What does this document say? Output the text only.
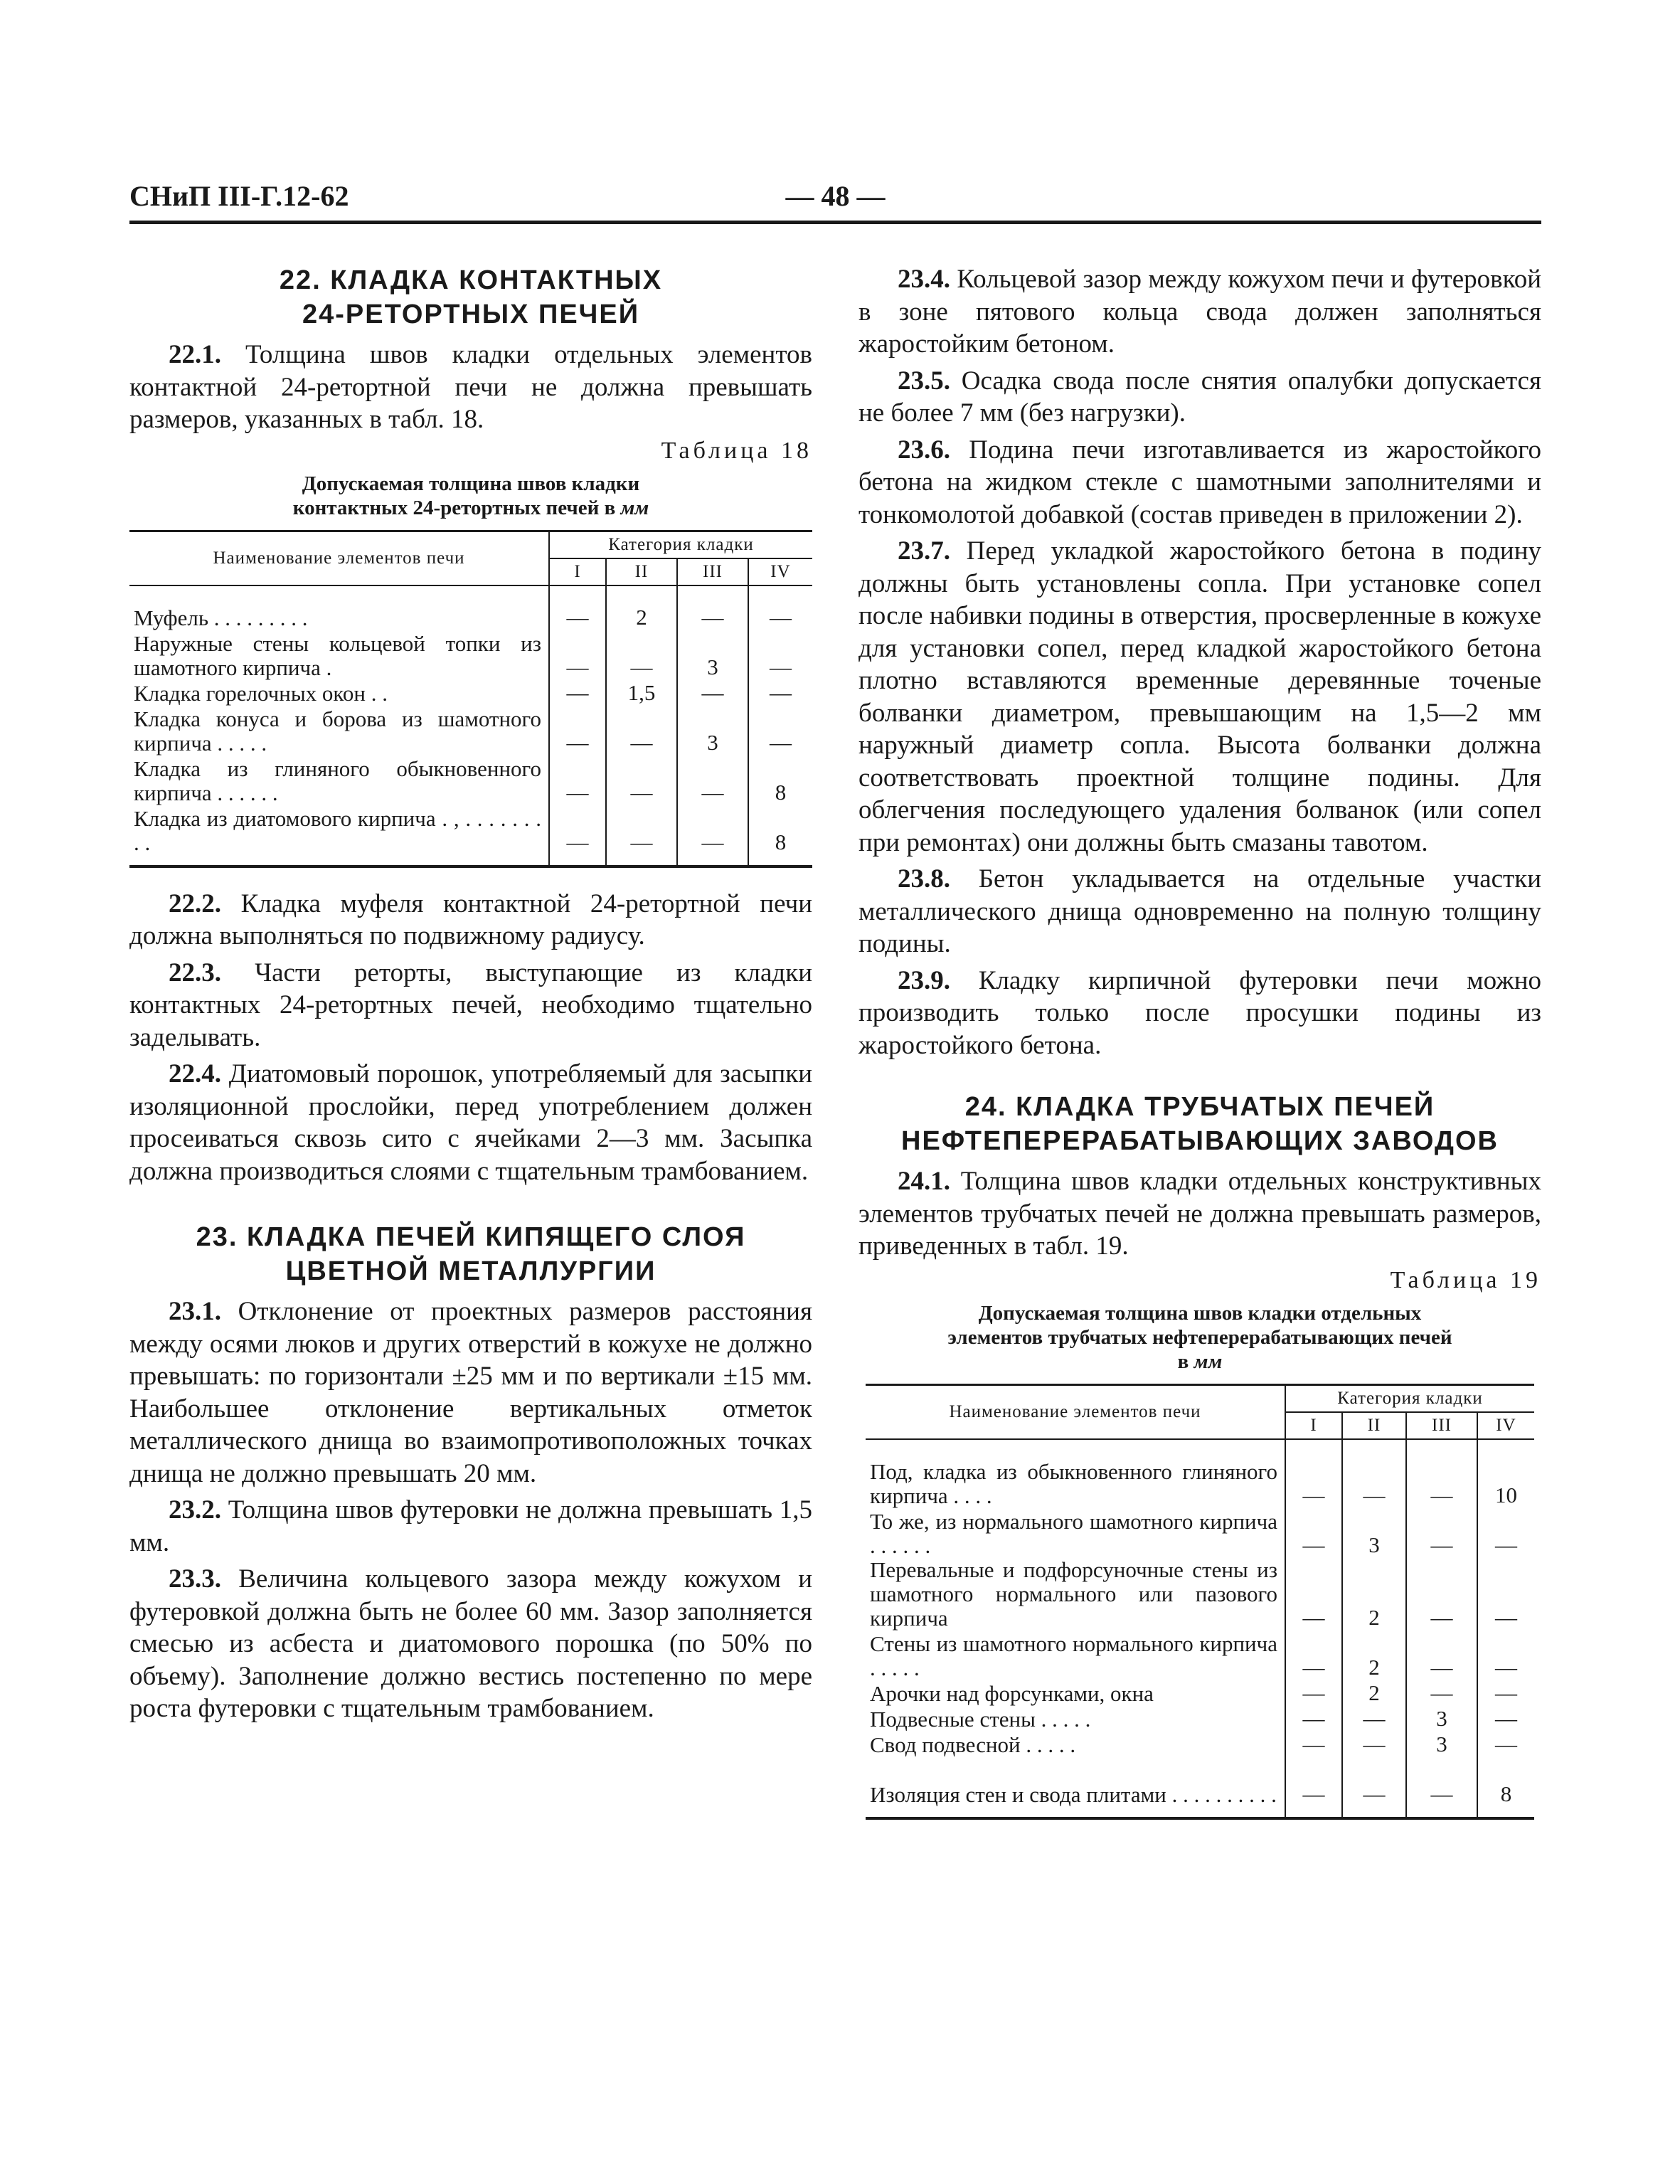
— 48 —
СНиП III-Г.12-62
22. КЛАДКА КОНТАКТНЫХ
24-РЕТОРТНЫХ ПЕЧЕЙ

22.1. Толщина швов кладки отдельных элементов контактной 24-ретортной печи не должна превышать размеров, указанных в табл. 18.

Таблица 18
Допускаемая толщина швов кладки
контактных 24-ретортных печей в мм
Наименование элементов печи	Категория кладки			
	I	II	III	IV

Муфель . . . . . . . . .	—	2	—	—
Наружные стены кольцевой топки из шамотного кирпича .	—	—	3	—
Кладка горелочных окон . .	—	1,5	—	—
Кладка конуса и борова из шамотного кирпича . . . . .	—	—	3	—
Кладка из глиняного обыкновенного кирпича . . . . . .	—	—	—	8
Кладка из диатомового кирпича . , . . . . . . . . .	—	—	—	8

22.2. Кладка муфеля контактной 24-ретортной печи должна выполняться по подвижному радиусу.

22.3. Части реторты, выступающие из кладки контактных 24-ретортных печей, необходимо тщательно заделывать.

22.4. Диатомовый порошок, употребляемый для засыпки изоляционной прослойки, перед употреблением должен просеиваться сквозь сито с ячейками 2—3 мм. Засыпка должна производиться слоями с тщательным трамбованием.

23. КЛАДКА ПЕЧЕЙ КИПЯЩЕГО СЛОЯ
ЦВЕТНОЙ МЕТАЛЛУРГИИ

23.1. Отклонение от проектных размеров расстояния между осями люков и других отверстий в кожухе не должно превышать: по горизонтали ±25 мм и по вертикали ±15 мм. Наибольшее отклонение вертикальных отметок металлического днища во взаимопротивоположных точках днища не должно превышать 20 мм.

23.2. Толщина швов футеровки не должна превышать 1,5 мм.

23.3. Величина кольцевого зазора между кожухом и футеровкой должна быть не более 60 мм. Зазор заполняется смесью из асбеста и диатомового порошка (по 50% по объему). Заполнение должно вестись постепенно по мере роста футеровки с тщательным трамбованием.

23.4. Кольцевой зазор между кожухом печи и футеровкой в зоне пятового кольца свода должен заполняться жаростойким бетоном.

23.5. Осадка свода после снятия опалубки допускается не более 7 мм (без нагрузки).

23.6. Подина печи изготавливается из жаростойкого бетона на жидком стекле с шамотными заполнителями и тонкомолотой добавкой (состав приведен в приложении 2).

23.7. Перед укладкой жаростойкого бетона в подину должны быть установлены сопла. При установке сопел после набивки подины в отверстия, просверленные в кожухе для установки сопел, перед кладкой жаростойкого бетона плотно вставляются временные деревянные точеные болванки диаметром, превышающим на 1,5—2 мм наружный диаметр сопла. Высота болванки должна соответствовать проектной толщине подины. Для облегчения последующего удаления болванок (или сопел при ремонтах) они должны быть смазаны тавотом.

23.8. Бетон укладывается на отдельные участки металлического днища одновременно на полную толщину подины.

23.9. Кладку кирпичной футеровки печи можно производить только после просушки подины из жаростойкого бетона.

24. КЛАДКА ТРУБЧАТЫХ ПЕЧЕЙ
НЕФТЕПЕРЕРАБАТЫВАЮЩИХ ЗАВОДОВ

24.1. Толщина швов кладки отдельных конструктивных элементов трубчатых печей не должна превышать размеров, приведенных в табл. 19.

Таблица 19
Допускаемая толщина швов кладки отдельных
элементов трубчатых нефтеперерабатывающих печей
в мм
Наименование элементов печи	Категория кладки			
	I	II	III	IV

Под, кладка из обыкновенного глиняного кирпича . . . .	—	—	—	10
То же, из нормального шамотного кирпича . . . . . .	—	3	—	—
Перевальные и подфорсуночные стены из шамотного нормального или пазового кирпича	—	2	—	—
Стены из шамотного нормального кирпича . . . . .	—	2	—	—
Арочки над форсунками, окна	—	2	—	—
Подвесные стены . . . . .	—	—	3	—
Свод подвесной . . . . .	—	—	3	—
Изоляция стен и свода плитами . . . . . . . . . .	—	—	—	8
